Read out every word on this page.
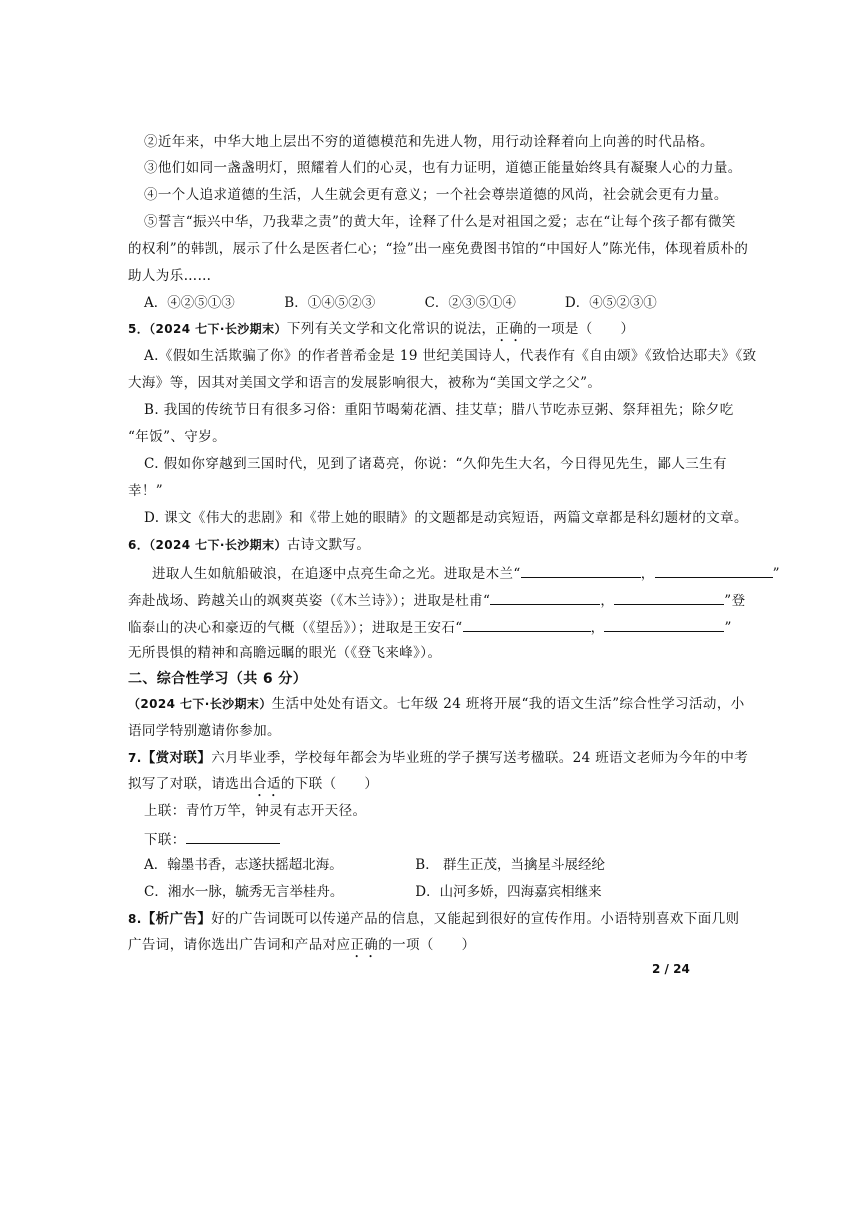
②近年来，中华大地上层出不穷的道德模范和先进人物，用行动诠释着向上向善的时代品格。
③他们如同一盏盏明灯，照耀着人们的心灵，也有力证明，道德正能量始终具有凝聚人心的力量。
④一个人追求道德的生活，人生就会更有意义；一个社会尊崇道德的风尚，社会就会更有力量。
⑤誓言“振兴中华，乃我辈之责”的黄大年，诠释了什么是对祖国之爱；志在“让每个孩子都有微笑
的权利”的韩凯，展示了什么是医者仁心；“捡”出一座免费图书馆的“中国好人”陈光伟，体现着质朴的
助人为乐……
A．④②⑤①③	B．①④⑤②③	C．②③⑤①④	D．④⑤②③①
5．（2024 七下·长沙期末）下列有关文学和文化常识的说法，正确的一项是（　　）
A.《假如生活欺骗了你》的作者普希金是 19 世纪美国诗人，代表作有《自由颂》《致恰达耶夫》《致
大海》等，因其对美国文学和语言的发展影响很大，被称为“美国文学之父”。
B. 我国的传统节日有很多习俗：重阳节喝菊花酒、挂艾草；腊八节吃赤豆粥、祭拜祖先；除夕吃
“年饭”、守岁。
C. 假如你穿越到三国时代，见到了诸葛亮，你说：“久仰先生大名，今日得见先生，鄙人三生有
幸！”
D. 课文《伟大的悲剧》和《带上她的眼睛》的文题都是动宾短语，两篇文章都是科幻题材的文章。
6．（2024 七下·长沙期末）古诗文默写。
进取人生如航船破浪，在追逐中点亮生命之光。进取是木兰“	，	”
奔赴战场、跨越关山的飒爽英姿（《木兰诗》）；进取是杜甫“	，	”登
临泰山的决心和豪迈的气概（《望岳》）；进取是王安石“	，	”
无所畏惧的精神和高瞻远瞩的眼光（《登飞来峰》）。
二、综合性学习（共 6 分）
（2024 七下·长沙期末）生活中处处有语文。七年级 24 班将开展“我的语文生活”综合性学习活动，小
语同学特别邀请你参加。
7.【赏对联】六月毕业季，学校每年都会为毕业班的学子撰写送考楹联。24 班语文老师为今年的中考
拟写了对联，请选出合适的下联（　　）
上联：青竹万竿，钟灵有志开天径。
下联：
A．翰墨书香，志遂扶摇超北海。	B． 群生正茂，当擒星斗展经纶
C．湘水一脉，毓秀无言举桂舟。	D．山河多娇，四海嘉宾相继来
8.【析广告】好的广告词既可以传递产品的信息，又能起到很好的宣传作用。小语特别喜欢下面几则
广告词，请你选出广告词和产品对应正确的一项（　　）
2 / 24
